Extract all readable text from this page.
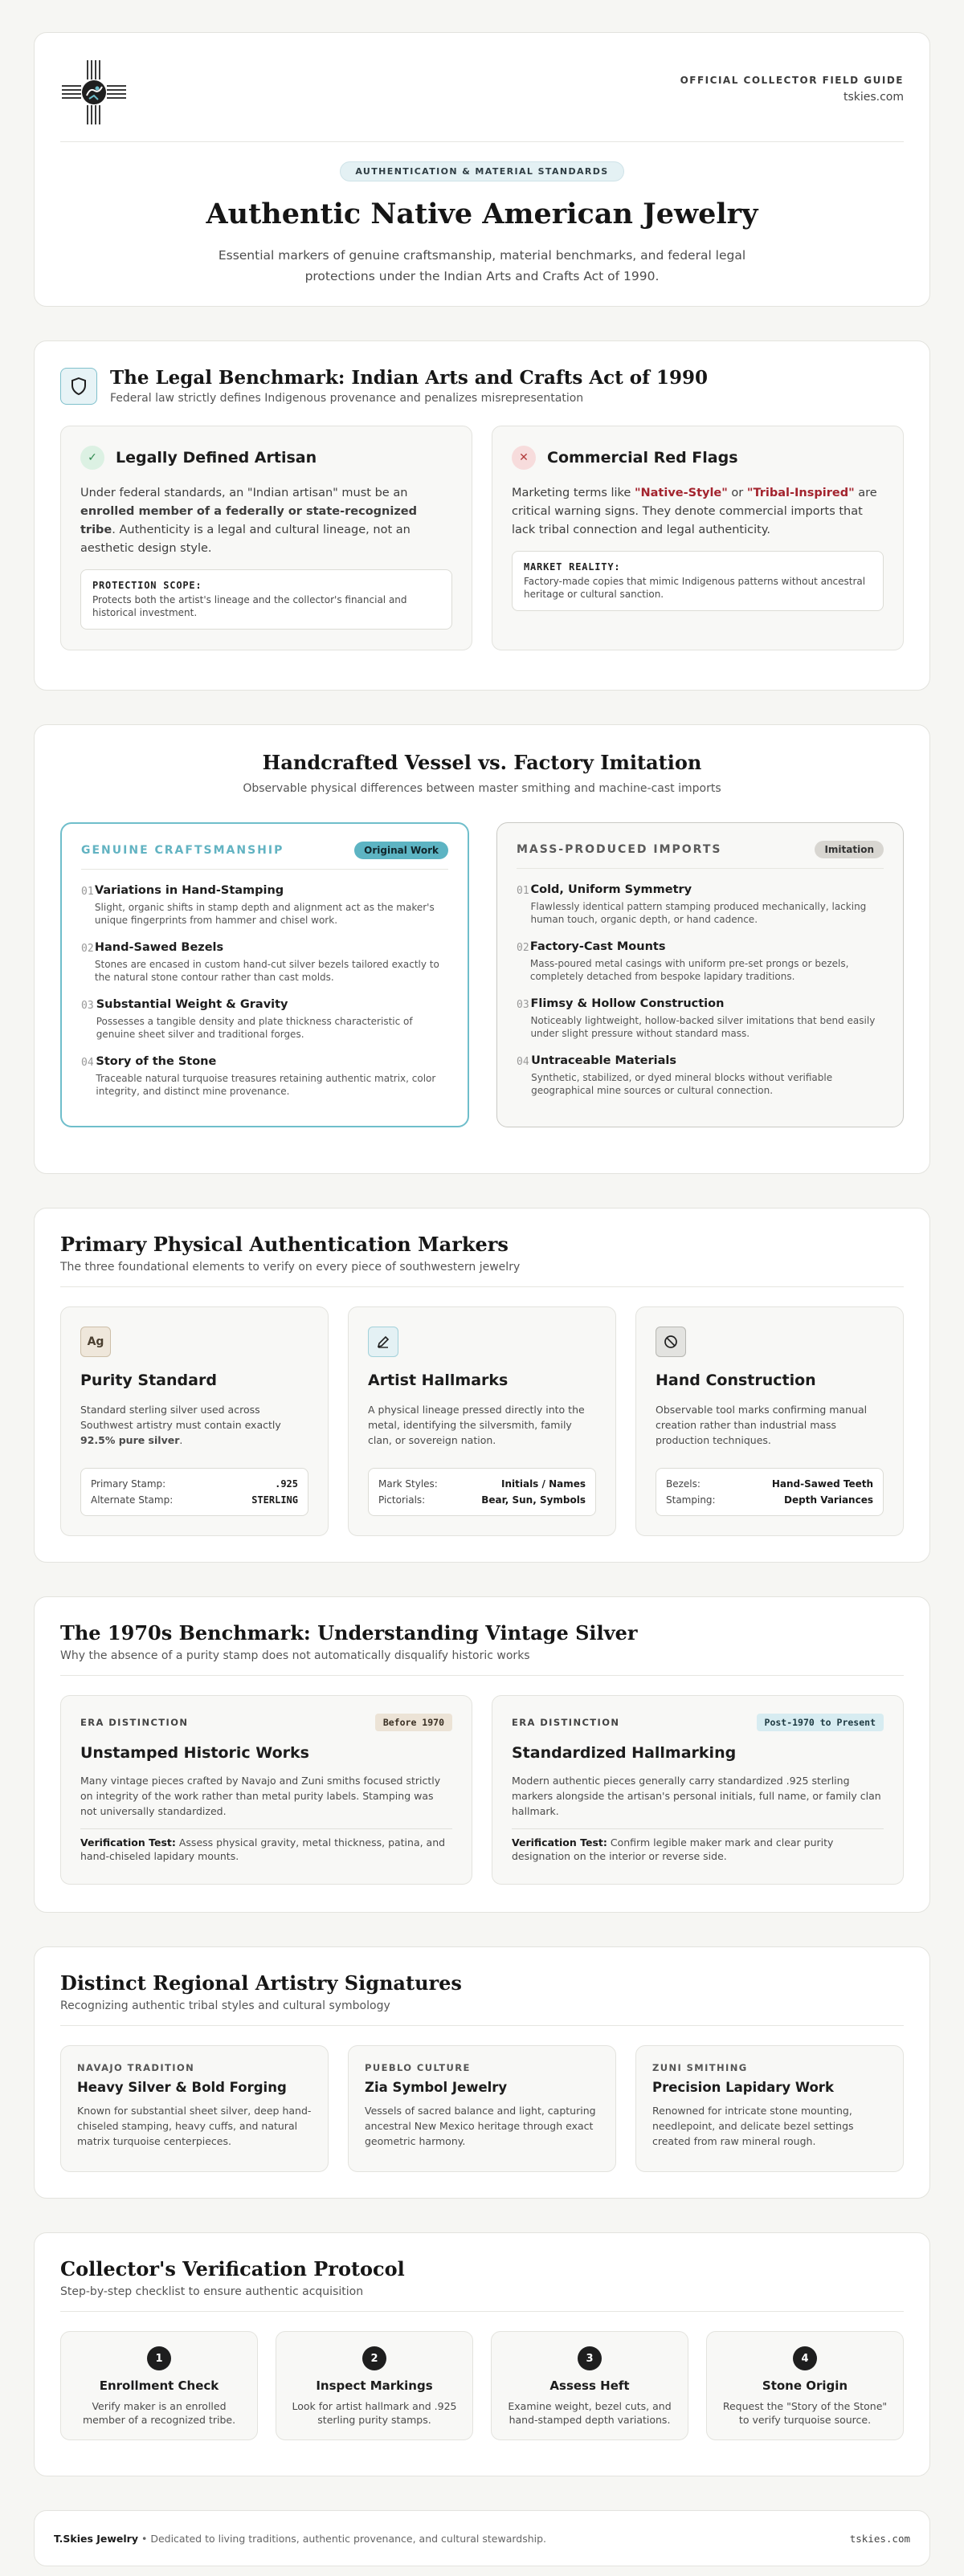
OFFICIAL COLLECTOR FIELD GUIDE
tskies.com
AUTHENTICATION & MATERIAL STANDARDS
Authentic Native American Jewelry

Essential markers of genuine craftsmanship, material benchmarks, and federal legal protections under the Indian Arts and Crafts Act of 1990.

The Legal Benchmark: Indian Arts and Crafts Act of 1990
Federal law strictly defines Indigenous provenance and penalizes misrepresentation
✓	Legally Defined Artisan

Under federal standards, an "Indian artisan" must be an enrolled member of a federally or state-recognized tribe. Authenticity is a legal and cultural lineage, not an aesthetic design style.

PROTECTION SCOPE:
Protects both the artist's lineage and the collector's financial and historical investment.
✕	Commercial Red Flags

Marketing terms like "Native-Style" or "Tribal-Inspired" are critical warning signs. They denote commercial imports that lack tribal connection and legal authenticity.

MARKET REALITY:
Factory-made copies that mimic Indigenous patterns without ancestral heritage or cultural sanction.
Handcrafted Vessel vs. Factory Imitation
Observable physical differences between master smithing and machine-cast imports
GENUINE CRAFTSMANSHIP	Original Work
01 Variations in Hand-Stamping
Slight, organic shifts in stamp depth and alignment act as the maker's unique fingerprints from hammer and chisel work.
02 Hand-Sawed Bezels
Stones are encased in custom hand-cut silver bezels tailored exactly to the natural stone contour rather than cast molds.
03 Substantial Weight & Gravity
Possesses a tangible density and plate thickness characteristic of genuine sheet silver and traditional forges.
04 Story of the Stone
Traceable natural turquoise treasures retaining authentic matrix, color integrity, and distinct mine provenance.
MASS-PRODUCED IMPORTS	Imitation
01 Cold, Uniform Symmetry
Flawlessly identical pattern stamping produced mechanically, lacking human touch, organic depth, or hand cadence.
02 Factory-Cast Mounts
Mass-poured metal casings with uniform pre-set prongs or bezels, completely detached from bespoke lapidary traditions.
03 Flimsy & Hollow Construction
Noticeably lightweight, hollow-backed silver imitations that bend easily under slight pressure without standard mass.
04 Untraceable Materials
Synthetic, stabilized, or dyed mineral blocks without verifiable geographical mine sources or cultural connection.
Primary Physical Authentication Markers
The three foundational elements to verify on every piece of southwestern jewelry
Ag
Purity Standard

Standard sterling silver used across Southwest artistry must contain exactly 92.5% pure silver.

Primary Stamp:	.925
Alternate Stamp:	STERLING
Artist Hallmarks

A physical lineage pressed directly into the metal, identifying the silversmith, family clan, or sovereign nation.

Mark Styles:	Initials / Names
Pictorials:	Bear, Sun, Symbols
Hand Construction

Observable tool marks confirming manual creation rather than industrial mass production techniques.

Bezels:	Hand-Sawed Teeth
Stamping:	Depth Variances
The 1970s Benchmark: Understanding Vintage Silver
Why the absence of a purity stamp does not automatically disqualify historic works
ERA DISTINCTION	Before 1970
Unstamped Historic Works

Many vintage pieces crafted by Navajo and Zuni smiths focused strictly on integrity of the work rather than metal purity labels. Stamping was not universally standardized.

Verification Test: Assess physical gravity, metal thickness, patina, and hand-chiseled lapidary mounts.

ERA DISTINCTION	Post-1970 to Present
Standardized Hallmarking

Modern authentic pieces generally carry standardized .925 sterling markers alongside the artisan's personal initials, full name, or family clan hallmark.

Verification Test: Confirm legible maker mark and clear purity designation on the interior or reverse side.

Distinct Regional Artistry Signatures
Recognizing authentic tribal styles and cultural symbology
NAVAJO TRADITION
Heavy Silver & Bold Forging

Known for substantial sheet silver, deep hand-chiseled stamping, heavy cuffs, and natural matrix turquoise centerpieces.

PUEBLO CULTURE
Zia Symbol Jewelry

Vessels of sacred balance and light, capturing ancestral New Mexico heritage through exact geometric harmony.

ZUNI SMITHING
Precision Lapidary Work

Renowned for intricate stone mounting, needlepoint, and delicate bezel settings created from raw mineral rough.

Collector's Verification Protocol
Step-by-step checklist to ensure authentic acquisition
1
Enrollment Check

Verify maker is an enrolled member of a recognized tribe.

2
Inspect Markings

Look for artist hallmark and .925 sterling purity stamps.

3
Assess Heft

Examine weight, bezel cuts, and hand-stamped depth variations.

4
Stone Origin

Request the "Story of the Stone" to verify turquoise source.

T.Skies Jewelry • Dedicated to living traditions, authentic provenance, and cultural stewardship.	tskies.com
